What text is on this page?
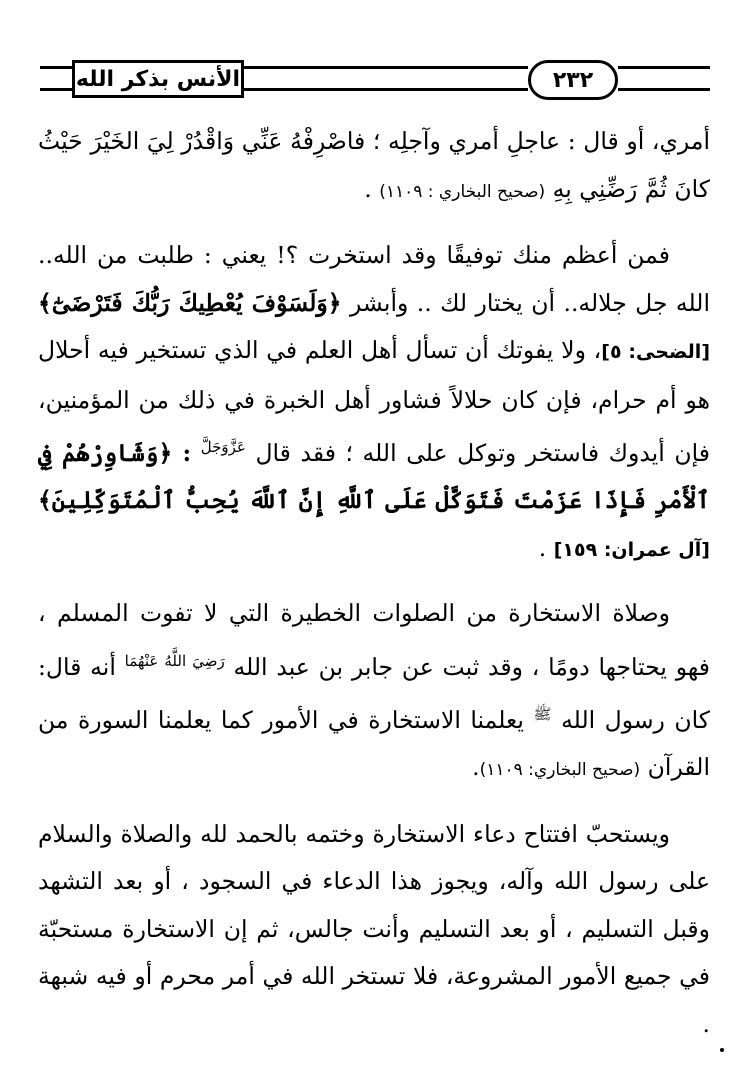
الأنس بذكر الله	٢٣٢

أمري، أو قال : عاجلِ أمري وآجلِه ؛ فاصْرِفْهُ عَنِّي وَاقْدُرْ لِيَ الخَيْرَ حَيْثُ كانَ ثُمَّ رَضِّنِي بِهِ (صحيح البخاري : ١١٠٩) .

فمن أعظم منك توفيقًا وقد استخرت ؟! يعني : طلبت من الله.. الله جل جلاله.. أن يختار لك .. وأبشر ﴿وَلَسَوْفَ يُعْطِيكَ رَبُّكَ فَتَرْضَىٰٓ﴾ [الضحى: ٥]، ولا يفوتك أن تسأل أهل العلم في الذي تستخير فيه أحلال هو أم حرام، فإن كان حلالاً فشاور أهل الخبرة في ذلك من المؤمنين، فإن أيدوك فاستخر وتوكل على الله ؛ فقد قال $^{عَزَّوَجَلَّ}$ : ﴿وَشَاوِرْهُمْ فِي ٱلْأَمْرِ فَإِذَا عَزَمْتَ فَتَوَكَّلْ عَلَى ٱللَّهِ إِنَّ ٱللَّهَ يُحِبُّ ٱلْمُتَوَكِّلِينَ﴾ [آل عمران: ١٥٩] .

وصلاة الاستخارة من الصلوات الخطيرة التي لا تفوت المسلم ، فهو يحتاجها دومًا ، وقد ثبت عن جابر بن عبد الله $^{رَضِيَ اللَّهُ عَنْهُمَا}$ أنه قال: كان رسول الله $^ﷺ$ يعلمنا الاستخارة في الأمور كما يعلمنا السورة من القرآن (صحيح البخاري: ١١٠٩).

ويستحبّ افتتاح دعاء الاستخارة وختمه بالحمد لله والصلاة والسلام على رسول الله وآله، ويجوز هذا الدعاء في السجود ، أو بعد التشهد وقبل التسليم ، أو بعد التسليم وأنت جالس، ثم إن الاستخارة مستحبّة في جميع الأمور المشروعة، فلا تستخر الله في أمر محرم أو فيه شبهة .
